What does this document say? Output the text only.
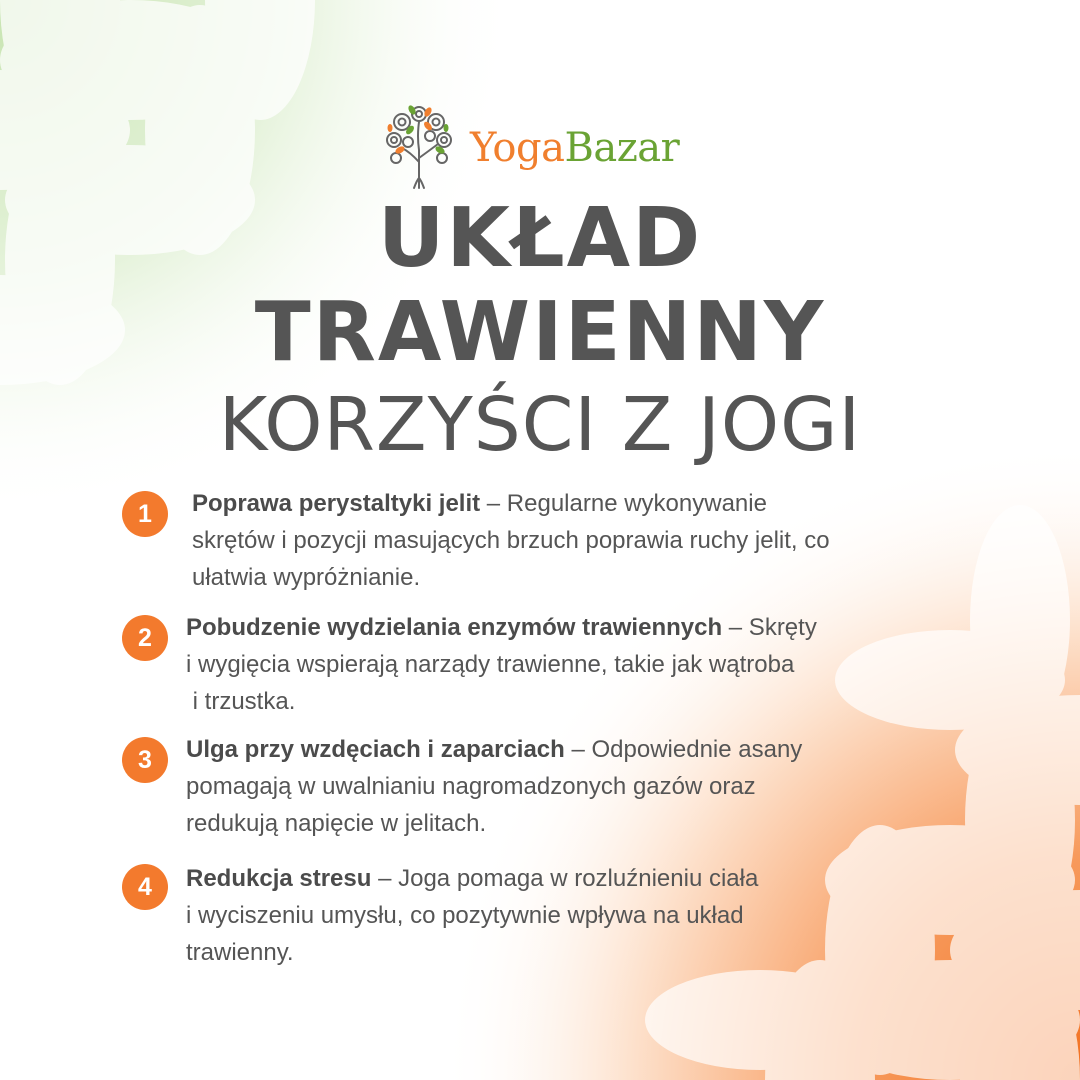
YogaBazar
UKŁAD
TRAWIENNY
KORZYŚCI Z JOGI
1	Poprawa perystaltyki jelit – Regularne wykonywanie
skrętów i pozycji masujących brzuch poprawia ruchy jelit, co
ułatwia wypróżnianie.
2	Pobudzenie wydzielania enzymów trawiennych – Skręty
i wygięcia wspierają narządy trawienne, takie jak wątroba
i trzustka.
3	Ulga przy wzdęciach i zaparciach – Odpowiednie asany
pomagają w uwalnianiu nagromadzonych gazów oraz
redukują napięcie w jelitach.
4	Redukcja stresu – Joga pomaga w rozluźnieniu ciała
i wyciszeniu umysłu, co pozytywnie wpływa na układ
trawienny.
